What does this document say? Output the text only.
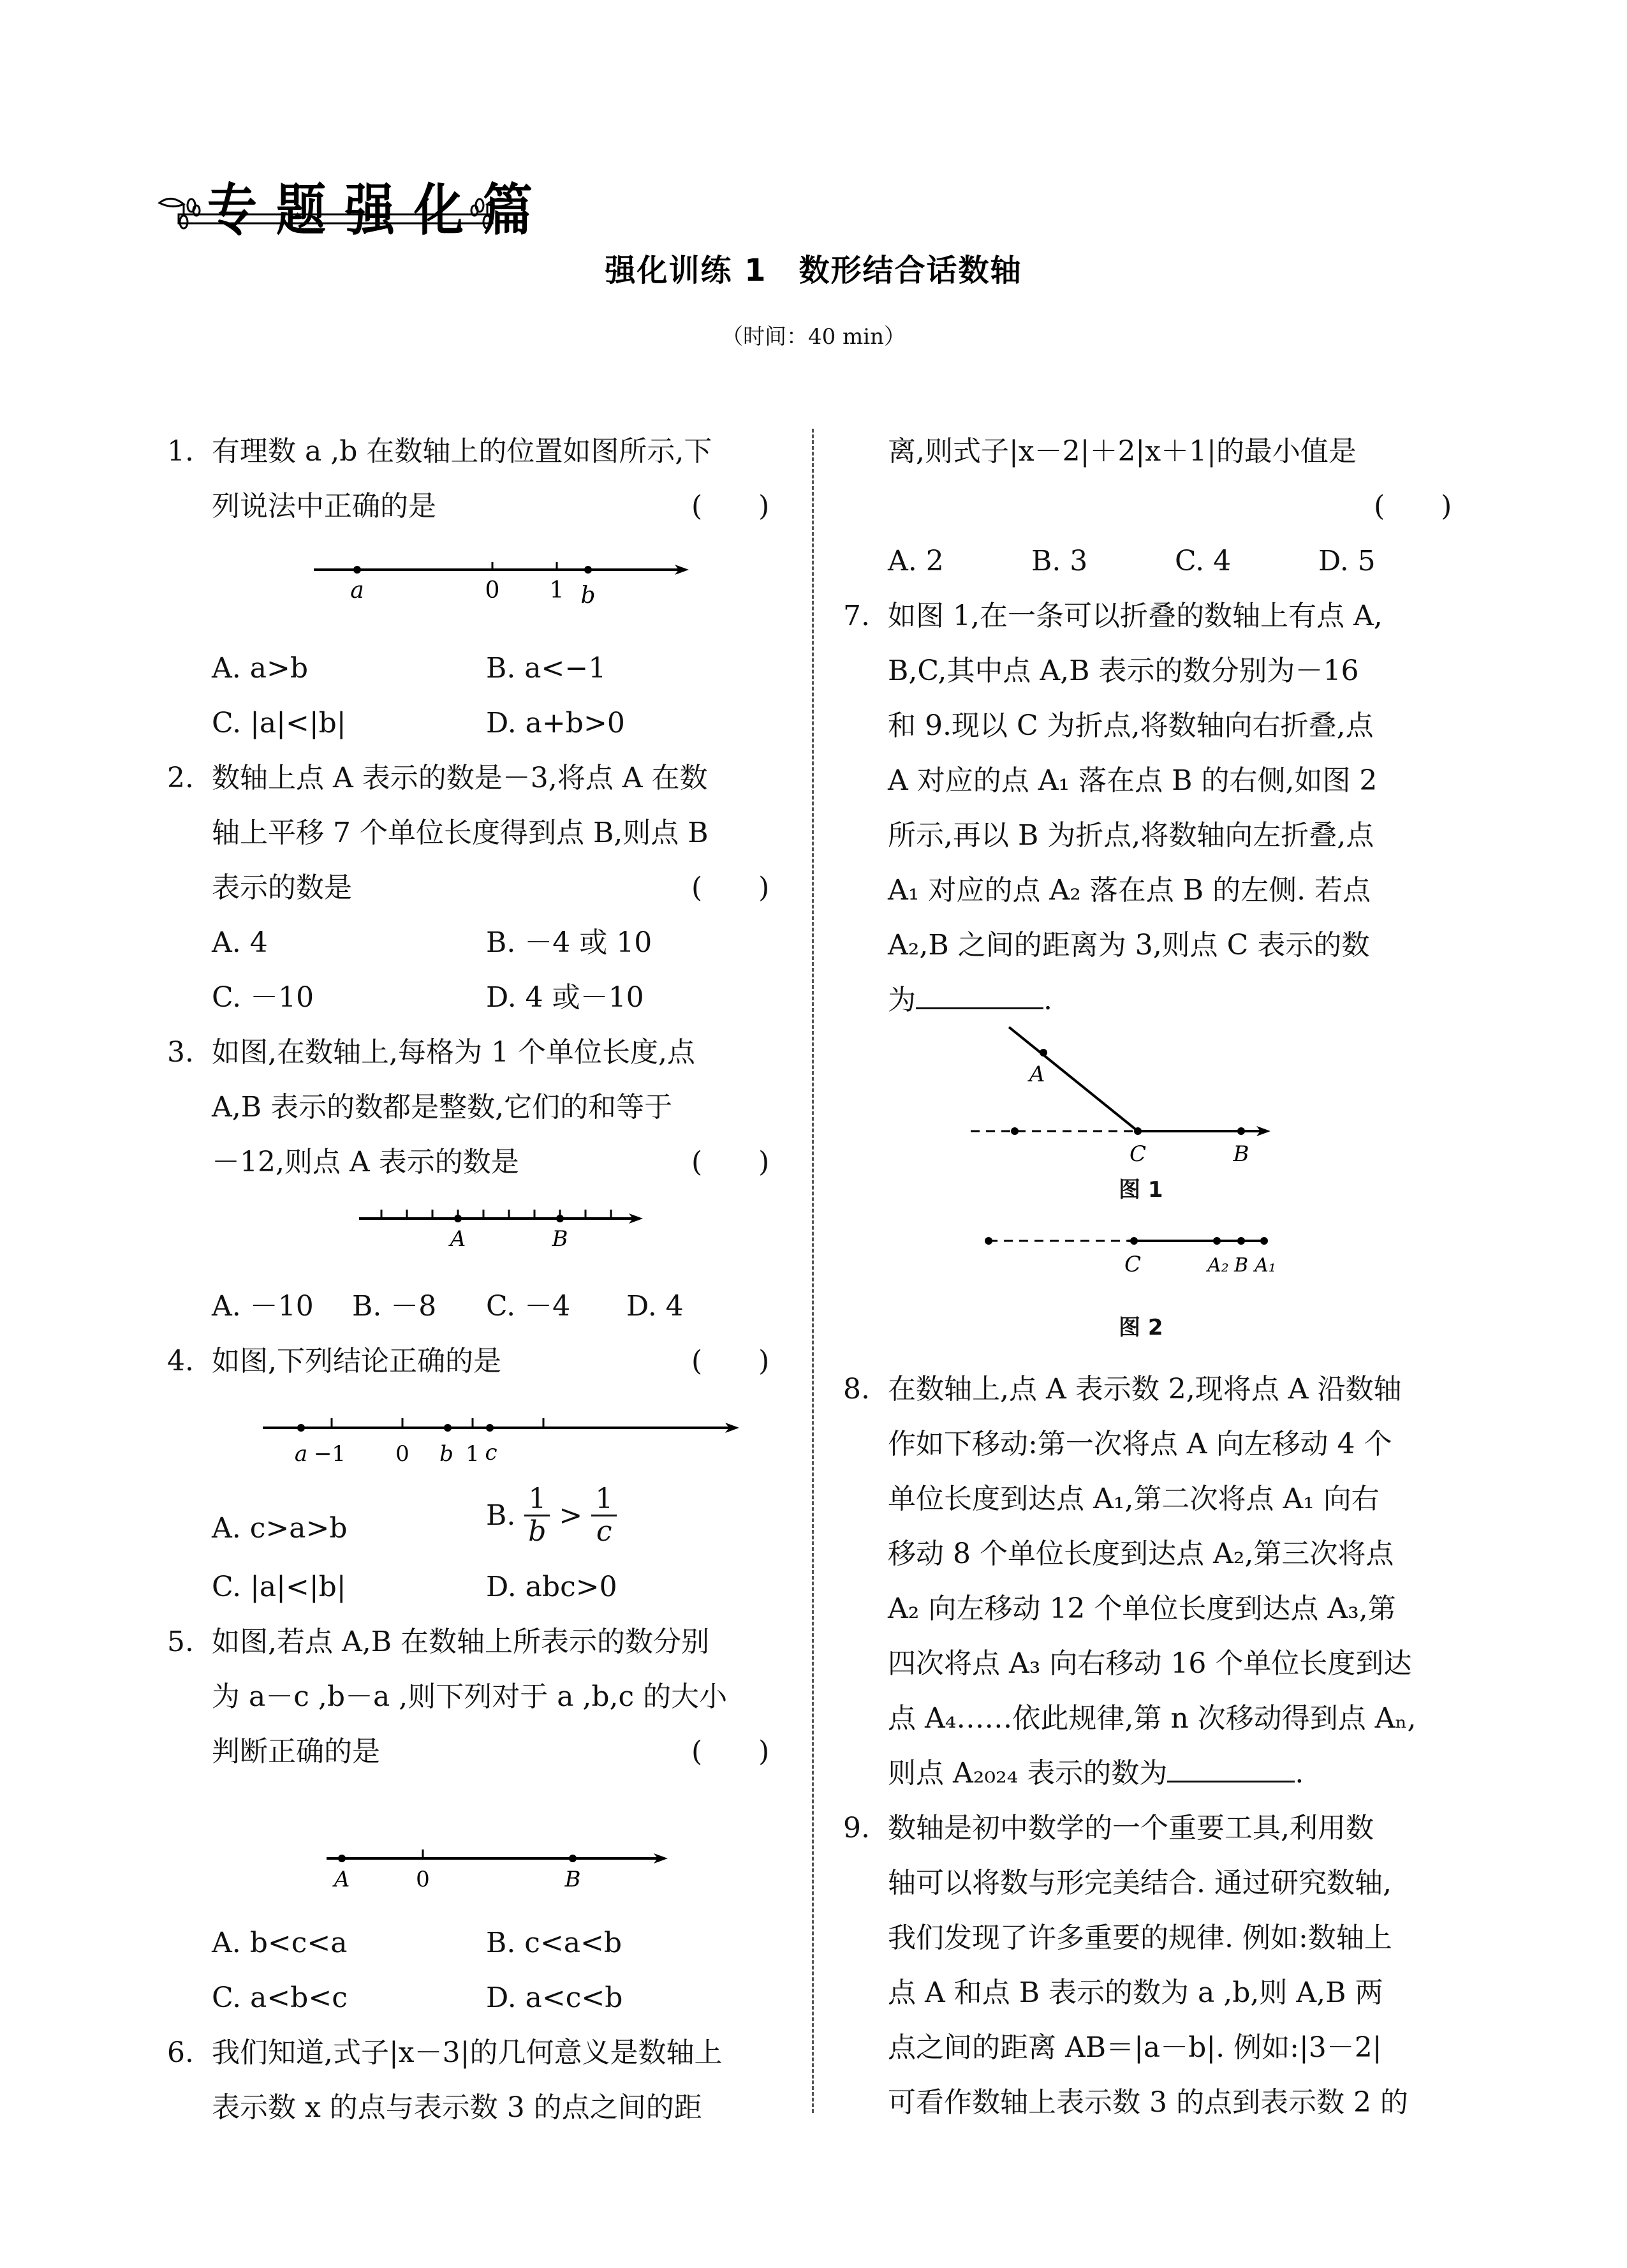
专题强化篇
强化训练 1　数形结合话数轴
（时间：40 min）
1. 有理数 a ,b 在数轴上的位置如图所示,下
列说法中正确的是	(　　)
a	0 1 b
A. a>b	B. a<−1
C. |a|<|b|	D. a+b>0
2. 数轴上点 A 表示的数是－3,将点 A 在数
轴上平移 7 个单位长度得到点 B,则点 B
表示的数是	(　　)
A. 4	B. －4 或 10
C. －10	D. 4 或－10
3. 如图,在数轴上,每格为 1 个单位长度,点
A,B 表示的数都是整数,它们的和等于
－12,则点 A 表示的数是	(　　)
A	B
A. －10 B. －8 C. －4 D. 4
4. 如图,下列结论正确的是	(　　)
a −1 0 b 1 c
A. c>a>b	B. $\frac{1}{b} > \frac{1}{c}$
C. |a|<|b|	D. abc>0
5. 如图,若点 A,B 在数轴上所表示的数分别
为 a－c ,b－a ,则下列对于 a ,b,c 的大小
判断正确的是	(　　)
A	0	B
A. b<c<a	B. c<a<b
C. a<b<c	D. a<c<b
6. 我们知道,式子|x－3|的几何意义是数轴上
表示数 x 的点与表示数 3 的点之间的距
离,则式子|x－2|＋2|x＋1|的最小值是
(　　)
A. 2	B. 3	C. 4	D. 5
7. 如图 1,在一条可以折叠的数轴上有点 A,
B,C,其中点 A,B 表示的数分别为－16
和 9.现以 C 为折点,将数轴向右折叠,点
A 对应的点 A₁ 落在点 B 的右侧,如图 2
所示,再以 B 为折点,将数轴向左折叠,点
A₁ 对应的点 A₂ 落在点 B 的左侧. 若点
A₂,B 之间的距离为 3,则点 C 表示的数
为	.
A
C	B
图 1
C	A₂ B A₁
图 2
8. 在数轴上,点 A 表示数 2,现将点 A 沿数轴
作如下移动:第一次将点 A 向左移动 4 个
单位长度到达点 A₁,第二次将点 A₁ 向右
移动 8 个单位长度到达点 A₂,第三次将点
A₂ 向左移动 12 个单位长度到达点 A₃,第
四次将点 A₃ 向右移动 16 个单位长度到达
点 A₄……依此规律,第 n 次移动得到点 Aₙ,
则点 A₂₀₂₄ 表示的数为	.
9. 数轴是初中数学的一个重要工具,利用数
轴可以将数与形完美结合. 通过研究数轴,
我们发现了许多重要的规律. 例如:数轴上
点 A 和点 B 表示的数为 a ,b,则 A,B 两
点之间的距离 AB＝|a－b|. 例如:|3－2|
可看作数轴上表示数 3 的点到表示数 2 的
